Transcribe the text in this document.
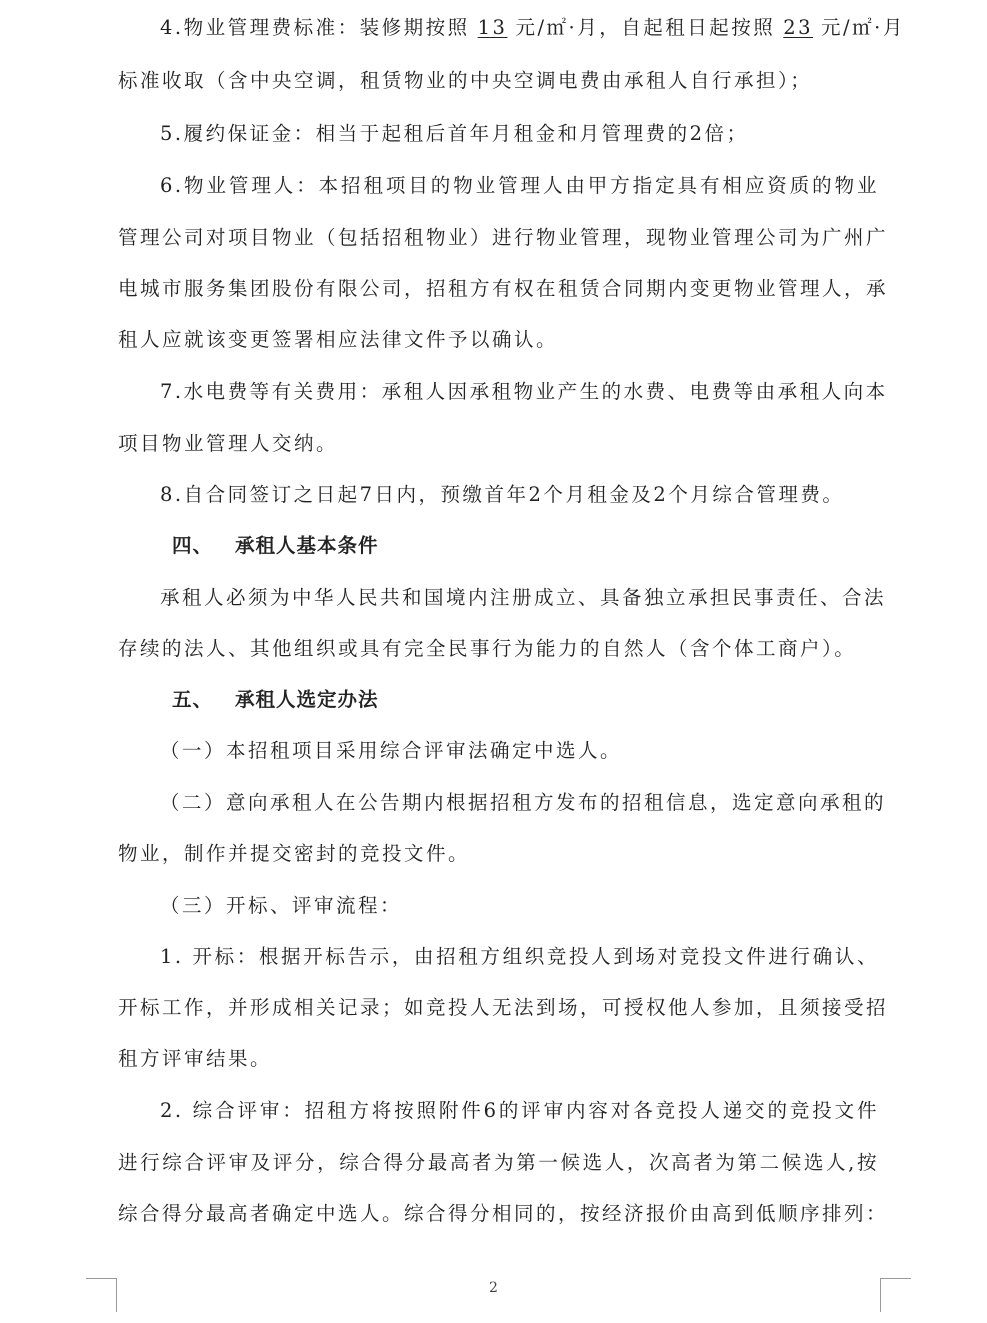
4.物业管理费标准：装修期按照 13 元/㎡·月，自起租日起按照 23 元/㎡·月
标准收取（含中央空调，租赁物业的中央空调电费由承租人自行承担）；
5.履约保证金：相当于起租后首年月租金和月管理费的2倍；
6.物业管理人：本招租项目的物业管理人由甲方指定具有相应资质的物业
管理公司对项目物业（包括招租物业）进行物业管理，现物业管理公司为广州广
电城市服务集团股份有限公司，招租方有权在租赁合同期内变更物业管理人，承
租人应就该变更签署相应法律文件予以确认。
7.水电费等有关费用：承租人因承租物业产生的水费、电费等由承租人向本
项目物业管理人交纳。
8.自合同签订之日起7日内，预缴首年2个月租金及2个月综合管理费。
四、 承租人基本条件
承租人必须为中华人民共和国境内注册成立、具备独立承担民事责任、合法
存续的法人、其他组织或具有完全民事行为能力的自然人（含个体工商户）。
五、 承租人选定办法
（一）本招租项目采用综合评审法确定中选人。
（二）意向承租人在公告期内根据招租方发布的招租信息，选定意向承租的
物业，制作并提交密封的竞投文件。
（三）开标、评审流程：
1. 开标：根据开标告示，由招租方组织竞投人到场对竞投文件进行确认、
开标工作，并形成相关记录；如竞投人无法到场，可授权他人参加，且须接受招
租方评审结果。
2. 综合评审：招租方将按照附件6的评审内容对各竞投人递交的竞投文件
进行综合评审及评分，综合得分最高者为第一候选人，次高者为第二候选人,按
综合得分最高者确定中选人。综合得分相同的，按经济报价由高到低顺序排列：
2
